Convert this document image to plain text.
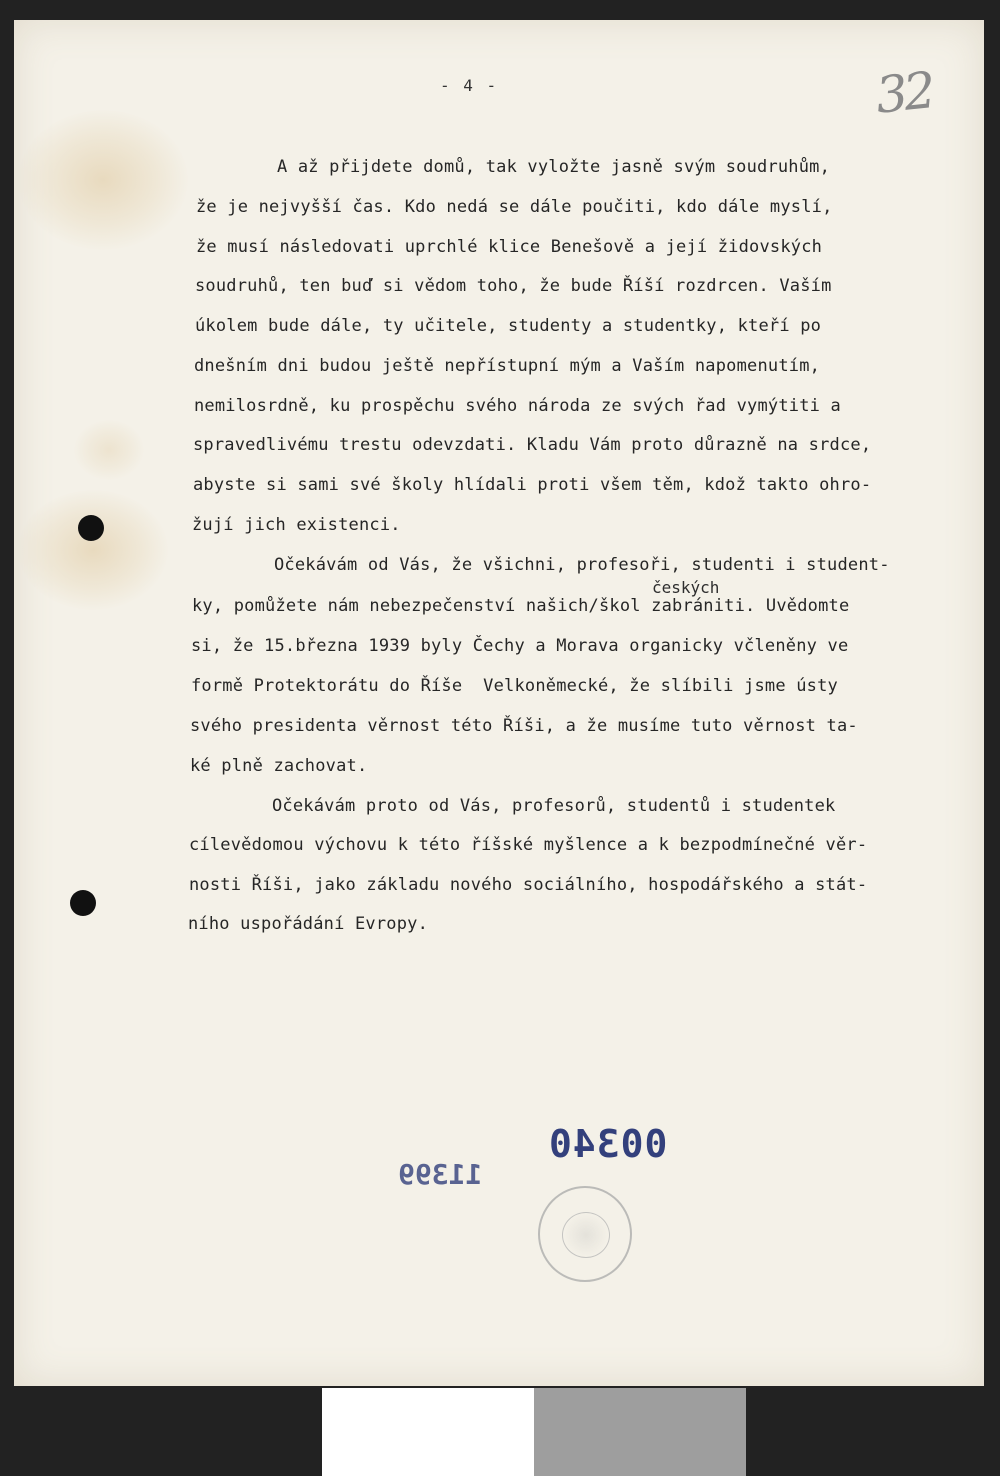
- 4 -	32
A až přijdete domů, tak vyložte jasně svým soudruhům,
že je nejvyšší čas. Kdo nedá se dále poučiti, kdo dále myslí,
že musí následovati uprchlé klice Benešově a její židovských
soudruhů, ten buď si vědom toho, že bude Říší rozdrcen. Vaším
úkolem bude dále, ty učitele, studenty a studentky, kteří po
dnešním dni budou ještě nepřístupní mým a Vaším napomenutím,
nemilosrdně, ku prospěchu svého národa ze svých řad vymýtiti a
spravedlivému trestu odevzdati. Kladu Vám proto důrazně na srdce,
abyste si sami své školy hlídali proti všem těm, kdož takto ohro-
žují jich existenci.
Očekávám od Vás, že všichni, profesoři, studenti i student-
českých
ky, pomůžete nám nebezpečenství našich/škol zabrániti. Uvědomte
si, že 15.března 1939 byly Čechy a Morava organicky včleněny ve
formě Protektorátu do Říše  Velkoněmecké, že slíbili jsme ústy
svého presidenta věrnost této Říši, a že musíme tuto věrnost ta-
ké plně zachovat.
Očekávám proto od Vás, profesorů, studentů i studentek
cílevědomou výchovu k této říšské myšlence a k bezpodmínečné věr-
nosti Říši, jako základu nového sociálního, hospodářského a stát-
ního uspořádání Evropy.
00340
11399
